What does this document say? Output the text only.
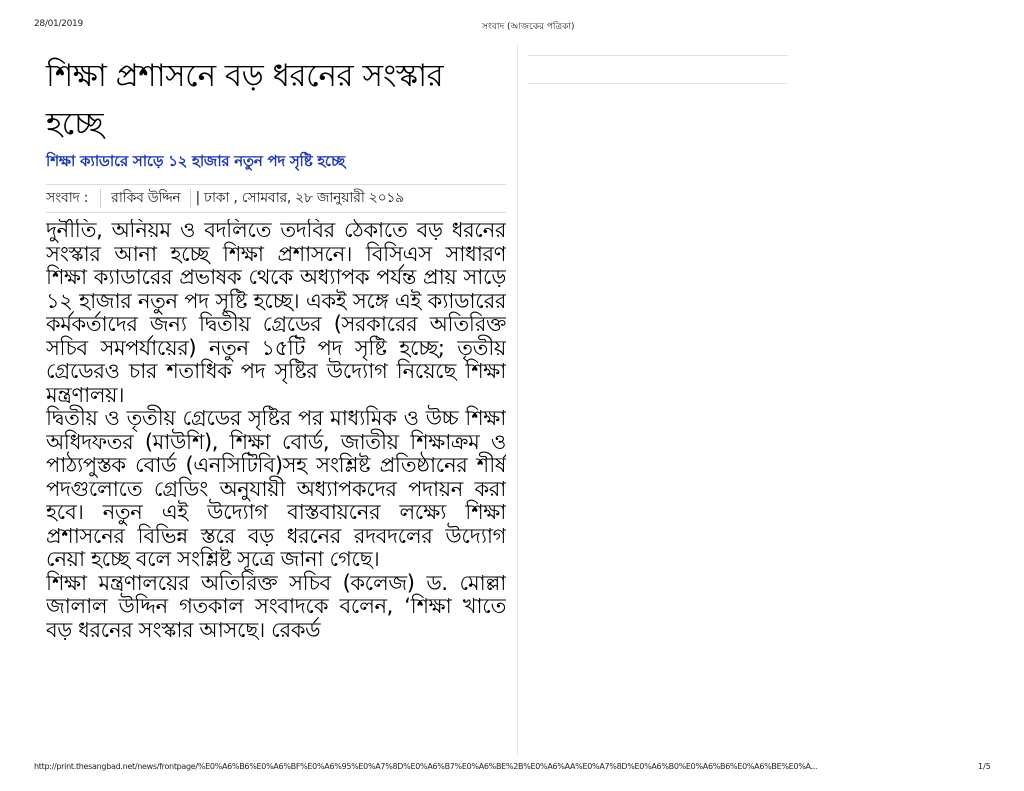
28/01/2019	সংবাদ (আজকের পত্রিকা)
শিক্ষা প্রশাসনে বড় ধরনের সংস্কার হচ্ছে
শিক্ষা ক্যাডারে সাড়ে ১২ হাজার নতুন পদ সৃষ্টি হচ্ছে
সংবাদ :	রাকিব উদ্দিন	| ঢাকা , সোমবার, ২৮ জানুয়ারী ২০১৯

দুর্নীতি, অনিয়ম ও বদলিতে তদবির ঠেকাতে বড় ধরনের সংস্কার আনা হচ্ছে শিক্ষা প্রশাসনে। বিসিএস সাধারণ শিক্ষা ক্যাডারের প্রভাষক থেকে অধ্যাপক পর্যন্ত প্রায় সাড়ে ১২ হাজার নতুন পদ সৃষ্টি হচ্ছে। একই সঙ্গে এই ক্যাডারের কর্মকর্তাদের জন্য দ্বিতীয় গ্রেডের (সরকারের অতিরিক্ত সচিব সমপর্যায়ের) নতুন ১৫টি পদ সৃষ্টি হচ্ছে; তৃতীয় গ্রেডেরও চার শতাধিক পদ সৃষ্টির উদ্যোগ নিয়েছে শিক্ষা মন্ত্রণালয়।

দ্বিতীয় ও তৃতীয় গ্রেডের সৃষ্টির পর মাধ্যমিক ও উচ্চ শিক্ষা অধিদফতর (মাউশি), শিক্ষা বোর্ড, জাতীয় শিক্ষাক্রম ও পাঠ্যপুস্তক বোর্ড (এনসিটিবি)সহ সংশ্লিষ্ট প্রতিষ্ঠানের শীর্ষ পদগুলোতে গ্রেডিং অনুযায়ী অধ্যাপকদের পদায়ন করা হবে। নতুন এই উদ্যোগ বাস্তবায়নের লক্ষ্যে শিক্ষা প্রশাসনের বিভিন্ন স্তরে বড় ধরনের রদবদলের উদ্যোগ নেয়া হচ্ছে বলে সংশ্লিষ্ট সূত্রে জানা গেছে।

শিক্ষা মন্ত্রণালয়ের অতিরিক্ত সচিব (কলেজ) ড. মোল্লা জালাল উদ্দিন গতকাল সংবাদকে বলেন, ‘শিক্ষা খাতে বড় ধরনের সংস্কার আসছে। রেকর্ড

http://print.thesangbad.net/news/frontpage/%E0%A6%B6%E0%A6%BF%E0%A6%95%E0%A7%8D%E0%A6%B7%E0%A6%BE%2B%E0%A6%AA%E0%A7%8D%E0%A6%B0%E0%A6%B6%E0%A6%BE%E0%A...	1/5
